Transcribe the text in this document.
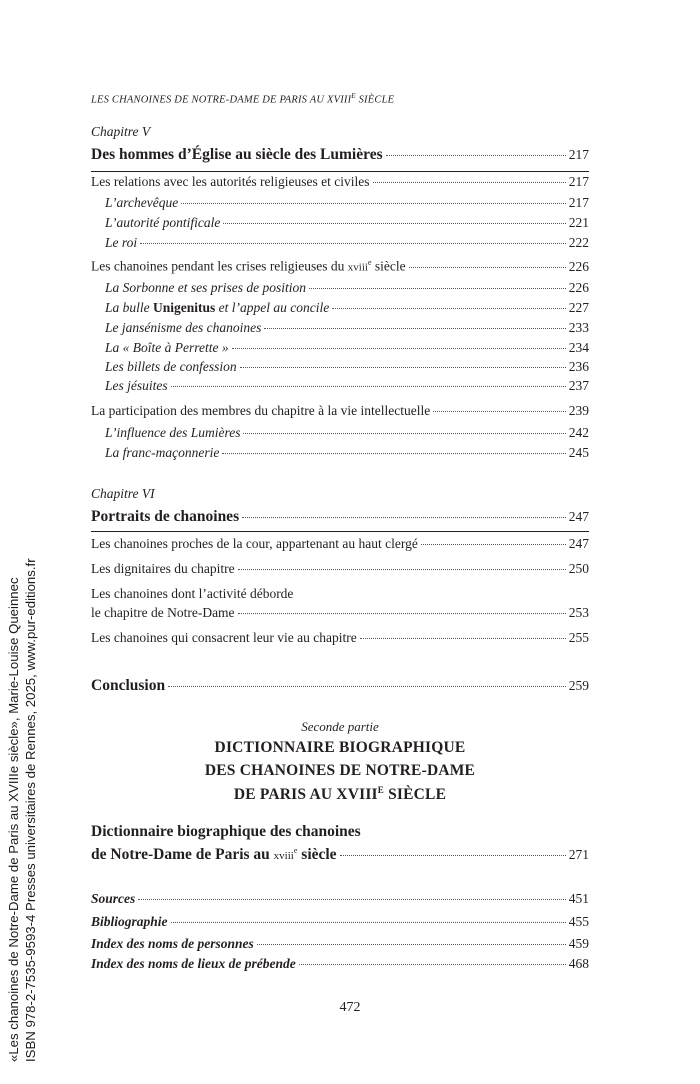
LES CHANOINES DE NOTRE-DAME DE PARIS AU $XVIII^E$ SIÈCLE
«Les chanoines de Notre-Dame de Paris au XVIIIe siècle», Marie-Louise Queinnec ISBN 978-2-7535-9593-4 Presses universitaires de Rennes, 2025, www.pur-editions.fr
Chapitre V
Des hommes d’Église au siècle des Lumières	217
Les relations avec les autorités religieuses et civiles	217
L’archevêque	217
L’autorité pontificale	221
Le roi	222
Les chanoines pendant les crises religieuses du xviii$^e$ siècle	226
La Sorbonne et ses prises de position	226
La bulle Unigenitus et l’appel au concile	227
Le jansénisme des chanoines	233
La « Boîte à Perrette »	234
Les billets de confession	236
Les jésuites	237
La participation des membres du chapitre à la vie intellectuelle	239
L’influence des Lumières	242
La franc-maçonnerie	245
Chapitre VI
Portraits de chanoines	247
Les chanoines proches de la cour, appartenant au haut clergé	247
Les dignitaires du chapitre	250
Les chanoines dont l’activité déborde
le chapitre de Notre-Dame	253
Les chanoines qui consacrent leur vie au chapitre	255
Conclusion	259
Seconde partie
DICTIONNAIRE BIOGRAPHIQUE
DES CHANOINES DE NOTRE-DAME
DE PARIS AU $XVIII^E$ SIÈCLE
Dictionnaire biographique des chanoines
de Notre-Dame de Paris au xviii$^e$ siècle	271
Sources	451
Bibliographie	455
Index des noms de personnes	459
Index des noms de lieux de prébende	468
472
